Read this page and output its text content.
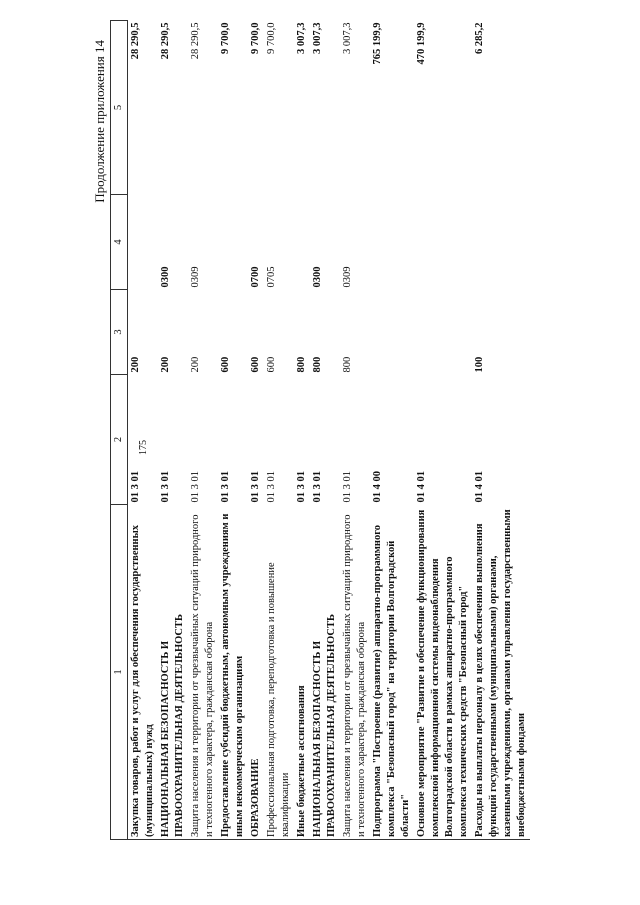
175
Продолжение приложения 14
1	2	3	4	5
Закупка товаров, работ и услуг для обеспечения государственных (муниципальных) нужд	01 3 01	200		28 290,5
НАЦИОНАЛЬНАЯ БЕЗОПАСНОСТЬ И ПРАВООХРАНИТЕЛЬНАЯ ДЕЯТЕЛЬНОСТЬ	01 3 01	200	0300	28 290,5
Защита населения и территории от чрезвычайных ситуаций природного и техногенного характера, гражданская оборона	01 3 01	200	0309	28 290,5
Предоставление субсидий бюджетным, автономным учреждениям и иным некоммерческим организациям	01 3 01	600		9 700,0
ОБРАЗОВАНИЕ	01 3 01	600	0700	9 700,0
Профессиональная подготовка, переподготовка и повышение квалификации	01 3 01	600	0705	9 700,0
Иные бюджетные ассигнования	01 3 01	800		3 007,3
НАЦИОНАЛЬНАЯ БЕЗОПАСНОСТЬ И ПРАВООХРАНИТЕЛЬНАЯ ДЕЯТЕЛЬНОСТЬ	01 3 01	800	0300	3 007,3
Защита населения и территории от чрезвычайных ситуаций природного и техногенного характера, гражданская оборона	01 3 01	800	0309	3 007,3
Подпрограмма "Построение (развитие) аппаратно-программного комплекса "Безопасный город" на территории Волгоградской области"	01 4 00			765 199,9
Основное мероприятие "Развитие и обеспечение функционирования комплексной информационной системы видеонаблюдения Волгоградской области в рамках аппаратно-программного комплекса технических средств "Безопасный город"	01 4 01			470 199,9
Расходы на выплаты персоналу в целях обеспечения выполнения функций государственными (муниципальными) органами, казенными учреждениями, органами управления государственными внебюджетными фондами	01 4 01	100		6 285,2
